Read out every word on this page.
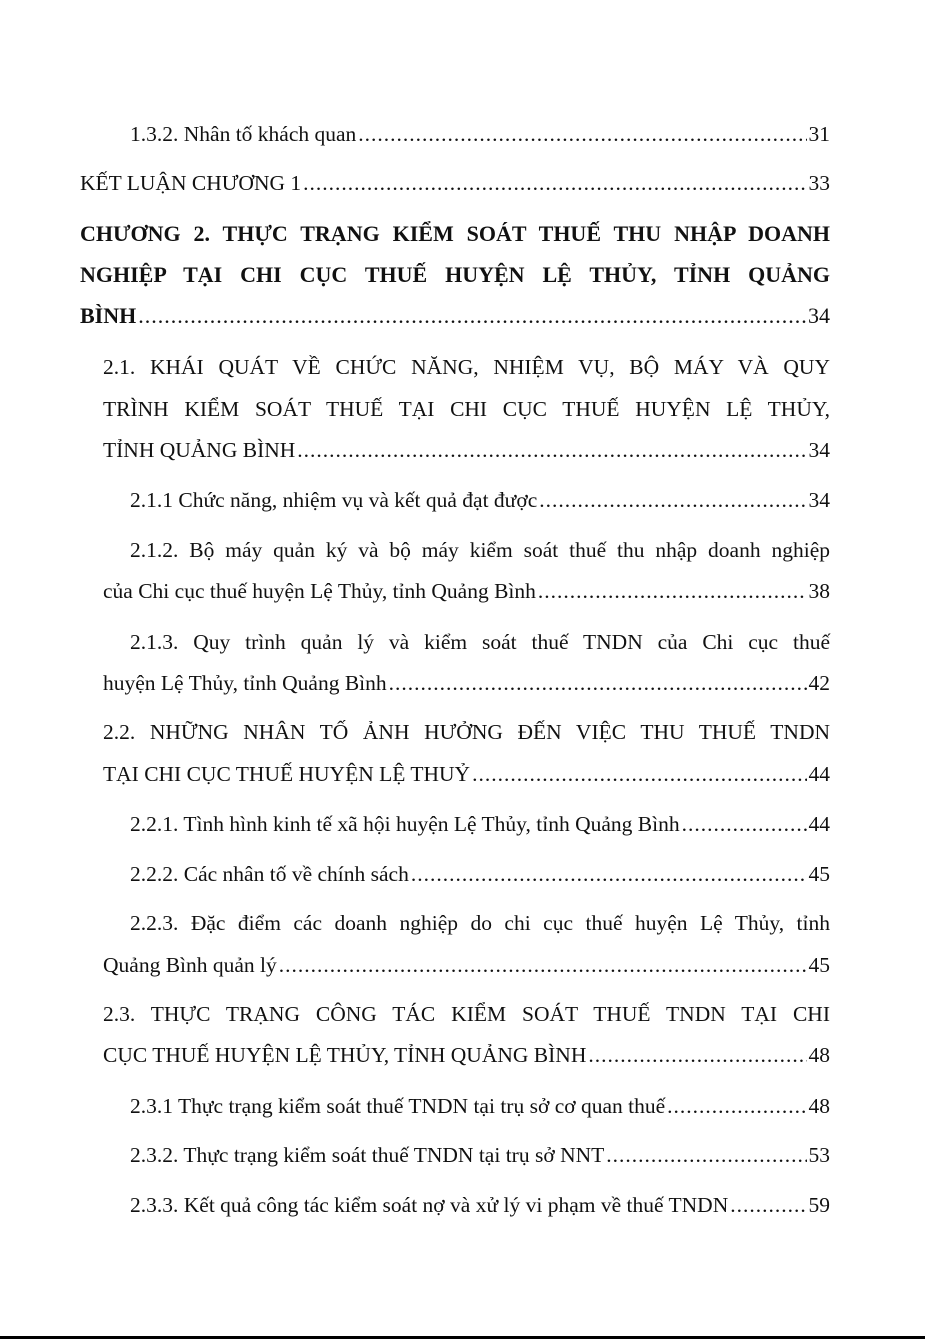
1.3.2. Nhân tố khách quan .....	31
KẾT LUẬN CHƯƠNG 1 .....	33
CHƯƠNG 2. THỰC TRẠNG KIỂM SOÁT THUẾ THU NHẬP DOANH
NGHIỆP TẠI CHI CỤC THUẾ HUYỆN LỆ THỦY, TỈNH QUẢNG
BÌNH .....	34
2.1. KHÁI QUÁT VỀ CHỨC NĂNG, NHIỆM VỤ, BỘ MÁY VÀ QUY
TRÌNH KIỂM SOÁT THUẾ TẠI CHI CỤC THUẾ HUYỆN LỆ THỦY,
TỈNH QUẢNG BÌNH .....	34
2.1.1 Chức năng, nhiệm vụ và kết quả đạt được .....	34
2.1.2. Bộ máy quản ký và bộ máy kiểm soát thuế thu nhập doanh nghiệp
của Chi cục thuế huyện Lệ Thủy, tỉnh Quảng Bình .....	38
2.1.3. Quy trình quản lý và kiểm soát thuế TNDN của Chi cục thuế
huyện Lệ Thủy, tỉnh Quảng Bình .....	42
2.2. NHỮNG NHÂN TỐ ẢNH HƯỞNG ĐẾN VIỆC THU THUẾ TNDN
TẠI CHI CỤC THUẾ HUYỆN LỆ THUỶ .....	44
2.2.1. Tình hình kinh tế xã hội huyện Lệ Thủy, tỉnh Quảng Bình .....	44
2.2.2. Các nhân tố về chính sách .....	45
2.2.3. Đặc điểm các doanh nghiệp do chi cục thuế huyện Lệ Thủy, tỉnh
Quảng Bình quản lý .....	45
2.3. THỰC TRẠNG CÔNG TÁC KIỂM SOÁT THUẾ TNDN TẠI CHI
CỤC THUẾ HUYỆN LỆ THỦY, TỈNH QUẢNG BÌNH .....	48
2.3.1 Thực trạng kiểm soát thuế TNDN tại trụ sở cơ quan thuế .....	48
2.3.2. Thực trạng kiểm soát thuế TNDN tại trụ sở NNT .....	53
2.3.3. Kết quả công tác kiểm soát nợ và xử lý vi phạm về thuế TNDN .....	59
